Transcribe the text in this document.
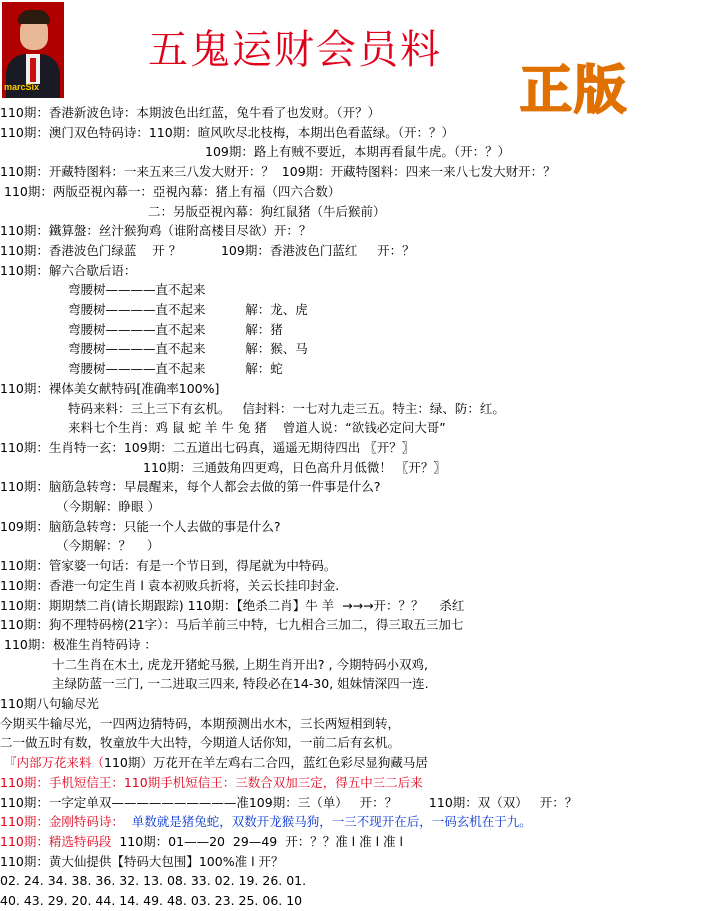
marcSix
五鬼运财会员料
正版
110期：香港新波色诗：本期波色出红蓝，兔牛看了也发财。（开？）
110期：澳门双色特码诗：110期：暄风吹尽北枝梅，本期出色看蓝绿。（开：？）
109期：路上有贼不要近，本期再看鼠牛虎。（开：？）
110期：开藏特图料：一来五来三八发大财开：？  109期：开藏特图料：四来一来八七发大财开：？
110期：两版亞視內幕一：亞視內幕：猪上有福（四六合数）
二：另版亞視內幕：狗红鼠猪（牛后猴前）
110期：鐵算盤：丝汁猴狗鸡（谁附高楼目尽欲）开：？
110期：香港波色门绿蓝    开 ？          109期：香港波色门蓝红     开：？
110期：解六合歇后语：
弯腰树————直不起来
弯腰树————直不起来          解：龙、虎
弯腰树————直不起来          解：猪
弯腰树————直不起来          解：猴、马
弯腰树————直不起来          解：蛇
110期：裸体美女献特码[准确率100%]
特码来料：三上三下有玄机。   信封料：一七对九走三五。特主：绿、防：红。
来料七个生肖：鸡 鼠 蛇 羊 牛 兔 猪    曾道人说：“欲钱必定问大哥”
110期：生肖特一玄：109期：二五道出七码真，遥遥无期待四出 〖开？〗
110期：三通鼓角四更鸡，日色高升月低微！ 〖开？〗
110期：脑筋急转弯：早晨醒来，每个人都会去做的第一件事是什么?
（今期解：睁眼 ）
109期：脑筋急转弯：只能一个人去做的事是什么?
（今期解：？    ）
110期：管家婆一句话：有是一个节日到，得尾就为中特码。
110期：香港一句定生肖 l 袁本初败兵折将，关云长挂印封金.
110期：期期禁二肖(请长期跟踪) 110期：【绝杀二肖】牛 羊  →→→开：？？    杀红
110期：狗不理特码榜(21字）：马后羊前三中特，七九相合三加二，得三取五三加七
110期：极准生肖特码诗 ：
十二生肖在木土, 虎龙开猪蛇马猴, 上期生肖开出? , 今期特码小双鸡,
主绿防蓝一三门, 一二进取三四来, 特段必在14-30, 姐妹情深四一连.
110期八句输尽光
今期买牛输尽光，一四两边猜特码，本期预测出水木，三长两短相到转，
二一做五时有数，牧童放牛大出特，今期道人话你知，一前二后有玄机。
『内部万花来料（110期）万花开在羊左鸡右二合四，蓝红色彩尽显狗藏马居
110期：手机短信王：110期手机短信王：三数合双加三定，得五中三二后来
110期：一字定单双——————————准109期：三（单）   开：？        110期：双（双）   开：？
110期：金刚特码诗：  单数就是猪兔蛇，双数开龙猴马狗，一三不现开在后，一码玄机在于九。
110期：精选特码段  110期：01——20  29—49  开：？？准 l 准 l 准 l
110期：黄大仙提供【特码大包围】100%准 l 开？
02. 24. 34. 38. 36. 32. 13. 08. 33. 02. 19. 26. 01.
40. 43. 29. 20. 44. 14. 49. 48. 03. 23. 25. 06. 10
